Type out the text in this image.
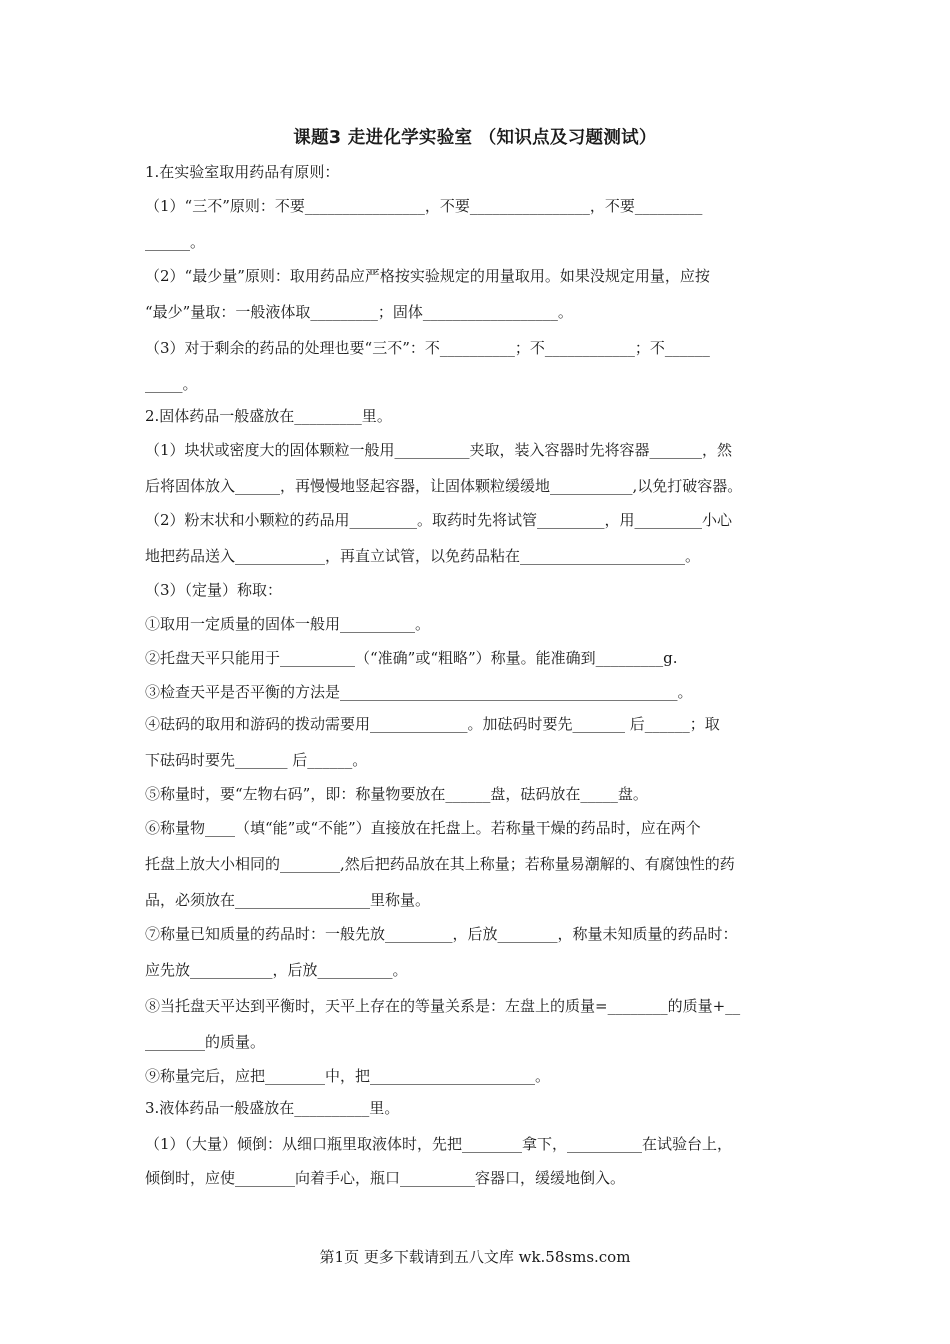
课题3 走进化学实验室 （知识点及习题测试）
1.在实验室取用药品有原则：
（1）“三不”原则：不要________________，不要________________，不要_________
______。
（2）“最少量”原则：取用药品应严格按实验规定的用量取用。如果没规定用量，应按
“最少”量取：一般液体取_________；固体__________________。
（3）对于剩余的药品的处理也要“三不”：不__________；不____________；不______
_____。
2.固体药品一般盛放在_________里。
（1）块状或密度大的固体颗粒一般用__________夹取，装入容器时先将容器_______，然
后将固体放入______，再慢慢地竖起容器，让固体颗粒缓缓地___________,以免打破容器。
（2）粉末状和小颗粒的药品用_________。取药时先将试管_________，用_________小心
地把药品送入____________，再直立试管，以免药品粘在______________________。
（3）（定量）称取：
①取用一定质量的固体一般用__________。
②托盘天平只能用于__________（“准确”或“粗略”）称量。能准确到_________g.
③检查天平是否平衡的方法是_____________________________________________。
④砝码的取用和游码的拨动需要用_____________。加砝码时要先_______ 后______；取
下砝码时要先_______ 后______。
⑤称量时，要“左物右码”，即：称量物要放在______盘，砝码放在_____盘。
⑥称量物____（填“能”或“不能”）直接放在托盘上。若称量干燥的药品时，应在两个
托盘上放大小相同的________,然后把药品放在其上称量；若称量易潮解的、有腐蚀性的药
品，必须放在__________________里称量。
⑦称量已知质量的药品时：一般先放_________，后放________，称量未知质量的药品时：
应先放___________，后放__________。
⑧当托盘天平达到平衡时，天平上存在的等量关系是：左盘上的质量=________的质量+__
________的质量。
⑨称量完后，应把________中，把______________________。
3.液体药品一般盛放在__________里。
（1）（大量）倾倒：从细口瓶里取液体时，先把________拿下，__________在试验台上，
倾倒时，应使________向着手心，瓶口__________容器口，缓缓地倒入。
第1页 更多下载请到五八文库 wk.58sms.com
